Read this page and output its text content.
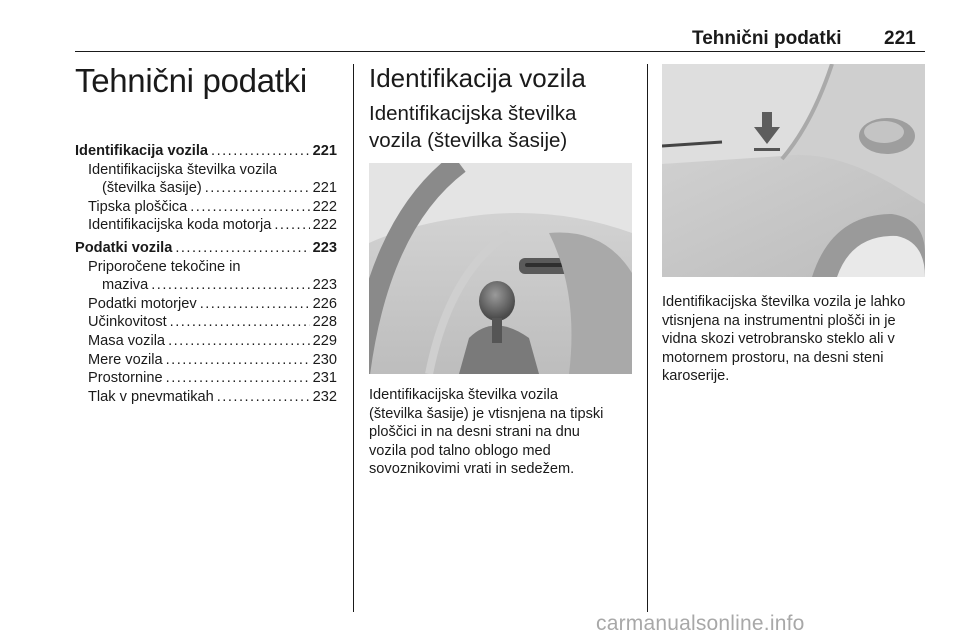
Tehnični podatki 221
Tehnični podatki
Identifikacija vozila .....	221
Identifikacijska številka vozila
(številka šasije) .....	221
Tipska ploščica .....	222
Identifikacijska koda motorja .....	222
Podatki vozila .....	223
Priporočene tekočine in
maziva .....	223
Podatki motorjev .....	226
Učinkovitost .....	228
Masa vozila .....	229
Mere vozila .....	230
Prostornine .....	231
Tlak v pnevmatikah .....	232
Identifikacija vozila
Identifikacijska številka
vozila (številka šasije)
Identifikacijska številka vozila
(številka šasije) je vtisnjena na tipski
ploščici in na desni strani na dnu
vozila pod talno oblogo med
sovoznikovimi vrati in sedežem.
Identifikacijska številka vozila je lahko
vtisnjena na instrumentni plošči in je
vidna skozi vetrobransko steklo ali v
motornem prostoru, na desni steni
karoserije.
carmanualsonline.info
